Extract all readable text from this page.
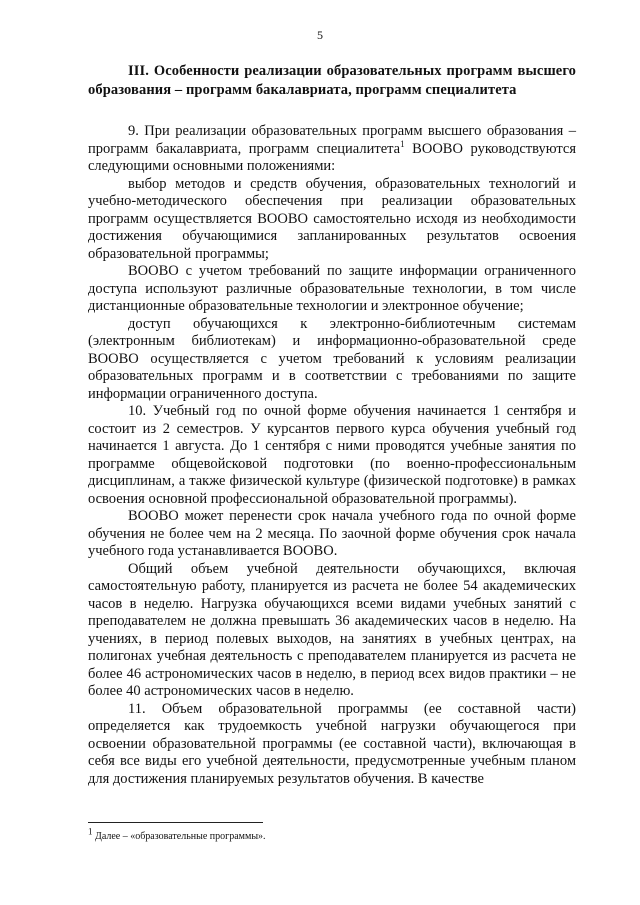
5

III. Особенности реализации образовательных программ высшего образования – программ бакалавриата, программ специалитета

9. При реализации образовательных программ высшего образования – программ бакалавриата, программ специалитета$^1$ ВООВО руководствуются следующими основными положениями:

выбор методов и средств обучения, образовательных технологий и учебно-методического обеспечения при реализации образовательных программ осуществляется ВООВО самостоятельно исходя из необходимости достижения обучающимися запланированных результатов освоения образовательной программы;

ВООВО с учетом требований по защите информации ограниченного доступа используют различные образовательные технологии, в том числе дистанционные образовательные технологии и электронное обучение;

доступ обучающихся к электронно-библиотечным системам (электронным библиотекам) и информационно-образовательной среде ВООВО осуществляется с учетом требований к условиям реализации образовательных программ и в соответствии с требованиями по защите информации ограниченного доступа.

10. Учебный год по очной форме обучения начинается 1 сентября и состоит из 2 семестров. У курсантов первого курса обучения учебный год начинается 1 августа. До 1 сентября с ними проводятся учебные занятия по программе общевойсковой подготовки (по военно-профессиональным дисциплинам, а также физической культуре (физической подготовке) в рамках освоения основной профессиональной образовательной программы).

ВООВО может перенести срок начала учебного года по очной форме обучения не более чем на 2 месяца. По заочной форме обучения срок начала учебного года устанавливается ВООВО.

Общий объем учебной деятельности обучающихся, включая самостоятельную работу, планируется из расчета не более 54 академических часов в неделю. Нагрузка обучающихся всеми видами учебных занятий с преподавателем не должна превышать 36 академических часов в неделю. На учениях, в период полевых выходов, на занятиях в учебных центрах, на полигонах учебная деятельность с преподавателем планируется из расчета не более 46 астрономических часов в неделю, в период всех видов практики – не более 40 астрономических часов в неделю.

11. Объем образовательной программы (ее составной части) определяется как трудоемкость учебной нагрузки обучающегося при освоении образовательной программы (ее составной части), включающая в себя все виды его учебной деятельности, предусмотренные учебным планом для достижения планируемых результатов обучения. В качестве

$^1$ Далее – «образовательные программы».
